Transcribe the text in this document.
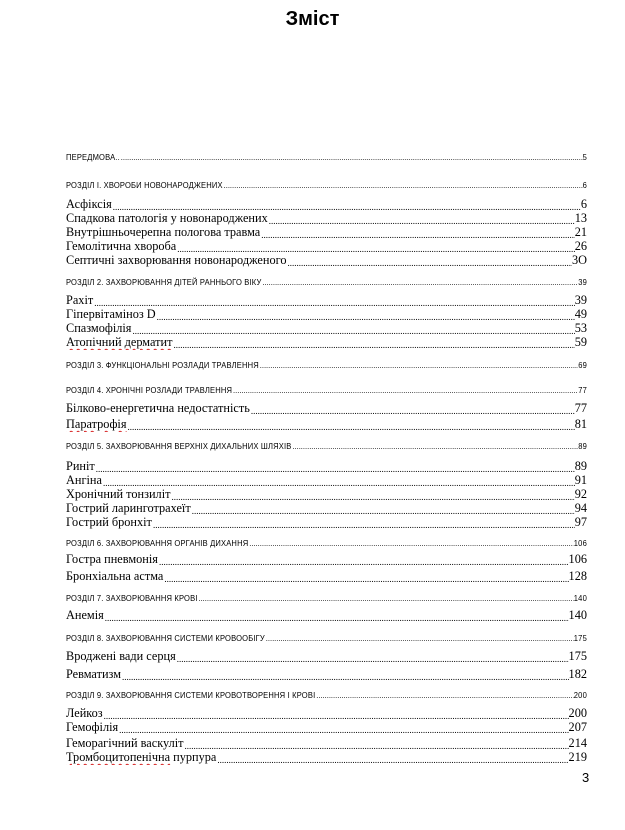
Зміст
ПЕРЕДМОВА.. .....	5
РОЗДІЛ І. ХВОРОБИ НОВОНАРОДЖЕНИХ .....	6
Асфіксія .....	6
Спадкова патологія у новонароджених .....	13
Внутрішньочерепна пологова травма .....	21
Гемолітична хвороба .....	26
Септичні захворювання новонародженого .....	3О
РОЗДІЛ 2. ЗАХВОРЮВАННЯ ДІТЕЙ РАННЬОГО ВІКУ .....	39
Рахіт .....	39
Гіпервітаміноз D .....	49
Спазмофілія .....	53
Атопічний дерматит .....	59
РОЗДІЛ 3. ФУНКЦІОНАЛЬНІ РОЗЛАДИ ТРАВЛЕННЯ .....	69
РОЗДІЛ 4. ХРОНІЧНІ РОЗЛАДИ ТРАВЛЕННЯ .....	77
Білково-енергетична недостатність .....	77
Паратрофія .....	81
РОЗДІЛ 5. ЗАХВОРЮВАННЯ ВЕРХНІХ ДИХАЛЬНИХ ШЛЯХІВ .....	89
Риніт .....	89
Ангіна .....	91
Хронічний тонзиліт .....	92
Гострий ларинготрахеїт .....	94
Гострий бронхіт .....	97
РОЗДІЛ 6. ЗАХВОРЮВАННЯ ОРГАНІВ ДИХАННЯ .....	106
Гостра пневмонія .....	106
Бронхіальна астма .....	128
РОЗДІЛ 7. ЗАХВОРЮВАННЯ КРОВІ .....	140
Анемія .....	140
РОЗДІЛ 8. ЗАХВОРЮВАННЯ СИСТЕМИ КРОВООБІГУ .....	175
Вроджені вади серця .....	175
Ревматизм .....	182
РОЗДІЛ 9. ЗАХВОРЮВАННЯ СИСТЕМИ КРОВОТВОРЕННЯ І КРОВІ .....	200
Лейкоз .....	200
Гемофілія .....	207
Геморагічний васкуліт .....	214
Тромбоцитопенічна пурпура .....	219
3
